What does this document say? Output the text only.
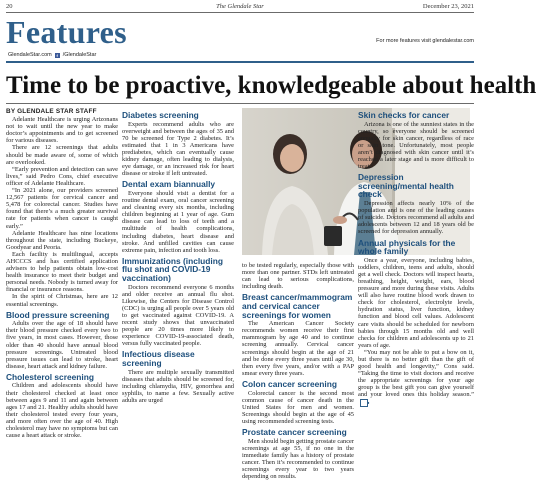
20	The Glendale Star	December 23, 2021
Features
GlendaleStar.com	f /GlendaleStar
For more features visit glendalestar.com
Time to be proactive, knowledgeable about health
BY GLENDALE STAR STAFF

Adelante Healthcare is urging Arizonans not to wait until the new year to make doctor’s appointments and to get screened for various diseases.

There are 12 screenings that adults should be made aware of, some of which are overlooked.

“Early prevention and detection can save lives,” said Pedro Cons, chief executive officer of Adelante Healthcare.

“In 2021 alone, our providers screened 12,567 patients for cervical cancer and 5,478 for colorectal cancer. Studies have found that there’s a much greater survival rate for patients when cancer is caught early.”

Adelante Healthcare has nine locations throughout the state, including Buckeye, Goodyear and Peoria.

Each facility is multilingual, accepts AHCCCS and has certified application advisers to help patients obtain low-cost health insurance to meet their budget and personal needs. Nobody is turned away for financial or insurance reasons.

In the spirit of Christmas, here are 12 essential screenings.

Blood pressure screening

Adults over the age of 18 should have their blood pressure checked every two to five years, in most cases. However, those older than 40 should have annual blood pressure screenings. Untreated blood pressure issues can lead to stroke, heart disease, heart attack and kidney failure.

Cholesterol screening

Children and adolescents should have their cholesterol checked at least once between ages 9 and 11 and again between ages 17 and 21. Healthy adults should have their cholesterol tested every four years, and more often over the age of 40. High cholesterol may have no symptoms but can cause a heart attack or stroke.

Diabetes screening

Experts recommend adults who are overweight and between the ages of 35 and 70 be screened for Type 2 diabetes. It’s estimated that 1 in 3 Americans have prediabetes, which can eventually cause kidney damage, often leading to dialysis, eye damage, or an increased risk for heart disease or stroke if left untreated.

Dental exam biannually

Everyone should visit a dentist for a routine dental exam, oral cancer screening and cleaning every six months, including children beginning at 1 year of age. Gum disease can lead to loss of teeth and a multitude of health complications, including diabetes, heart disease and stroke. And unfilled cavities can cause extreme pain, infection and tooth loss.

Immunizations (including flu shot and COVID-19 vaccination)

Doctors recommend everyone 6 months and older receive an annual flu shot. Likewise, the Centers for Disease Control (CDC) is urging all people over 5 years old to get vaccinated against COVID-19. A recent study shows that unvaccinated people are 20 times more likely to experience COVID-19-associated death, versus fully vaccinated people.

Infectious disease screening

There are multiple sexually transmitted diseases that adults should be screened for, including chlamydia, HIV, gonorrhea and syphilis, to name a few. Sexually active adults are urged

to be tested regularly, especially those with more than one partner. STDs left untreated can lead to serious complications, including death.

Breast cancer/mammogram and cervical cancer screenings for women

The American Cancer Society recommends women receive their first mammogram by age 40 and to continue screening annually. Cervical cancer screenings should begin at the age of 21 and be done every three years until age 30, then every five years, and/or with a PAP smear every three years.

Colon cancer screening

Colorectal cancer is the second most common cause of cancer death in the United States for men and women. Screenings should begin at the age of 45 using recommended screening tests.

Prostate cancer screening

Men should begin getting prostate cancer screenings at age 55, if no one in the immediate family has a history of prostate cancer. Then it’s recommended to continue screenings every year to two years depending on results.

Skin checks for cancer

Arizona is one of the sunniest states in the country, so everyone should be screened annually for skin cancer, regardless of race or skin tone. Unfortunately, most people aren’t diagnosed with skin cancer until it’s reached a later stage and is more difficult to treat.

Depression screening/mental health check

Depression affects nearly 10% of the population and is one of the leading causes of suicide. Doctors recommend all adults and adolescents between 12 and 18 years old be screened for depression annually.

Annual physicals for the whole family

Once a year, everyone, including babies, toddlers, children, teens and adults, should get a well check. Doctors will inspect hearts, breathing, height, weight, ears, blood pressure and more during these visits. Adults will also have routine blood work drawn to check for cholesterol, electrolyte levels, hydration status, liver function, kidney function and blood cell values. Adolescent care visits should be scheduled for newborn babies through 15 months old and well checks for children and adolescents up to 21 years of age.

“You may not be able to put a bow on it, but there is no better gift than the gift of good health and longevity,” Cons said. “Taking the time to visit doctors and receive the appropriate screenings for your age group is the best gift you can give yourself and your loved ones this holiday season.”■
